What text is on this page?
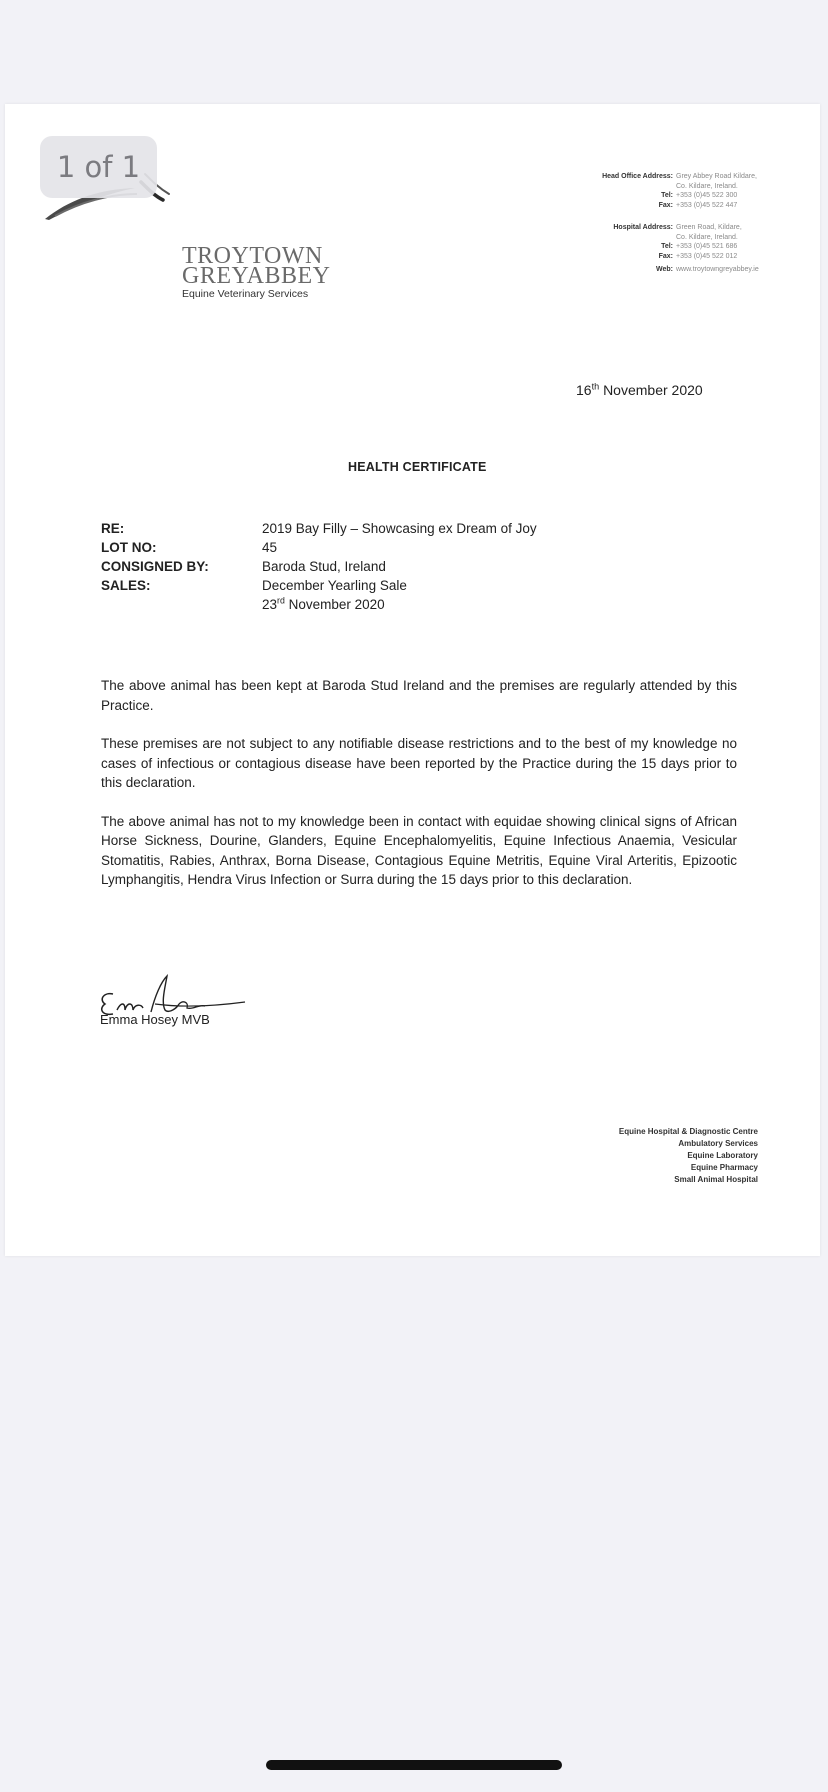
1 of 1
TROYTOWN
GREYABBEY
Equine Veterinary Services
Head Office Address: Grey Abbey Road Kildare,
Co. Kildare, Ireland.
Tel: +353 (0)45 522 300
Fax: +353 (0)45 522 447
Hospital Address: Green Road, Kildare,
Co. Kildare, Ireland.
Tel: +353 (0)45 521 686
Fax: +353 (0)45 522 012
Web: www.troytowngreyabbey.ie
16th November 2020
HEALTH CERTIFICATE
RE:	2019 Bay Filly – Showcasing ex Dream of Joy
LOT NO:	45
CONSIGNED BY:	Baroda Stud, Ireland
SALES:	December Yearling Sale
23rd November 2020

The above animal has been kept at Baroda Stud Ireland and the premises are regularly attended by this Practice.

These premises are not subject to any notifiable disease restrictions and to the best of my knowledge no cases of infectious or contagious disease have been reported by the Practice during the 15 days prior to this declaration.

The above animal has not to my knowledge been in contact with equidae showing clinical signs of African Horse Sickness, Dourine, Glanders, Equine Encephalomyelitis, Equine Infectious Anaemia, Vesicular Stomatitis, Rabies, Anthrax, Borna Disease, Contagious Equine Metritis, Equine Viral Arteritis, Epizootic Lymphangitis, Hendra Virus Infection or Surra during the 15 days prior to this declaration.

Emma Hosey MVB
Equine Hospital & Diagnostic Centre
Ambulatory Services
Equine Laboratory
Equine Pharmacy
Small Animal Hospital
